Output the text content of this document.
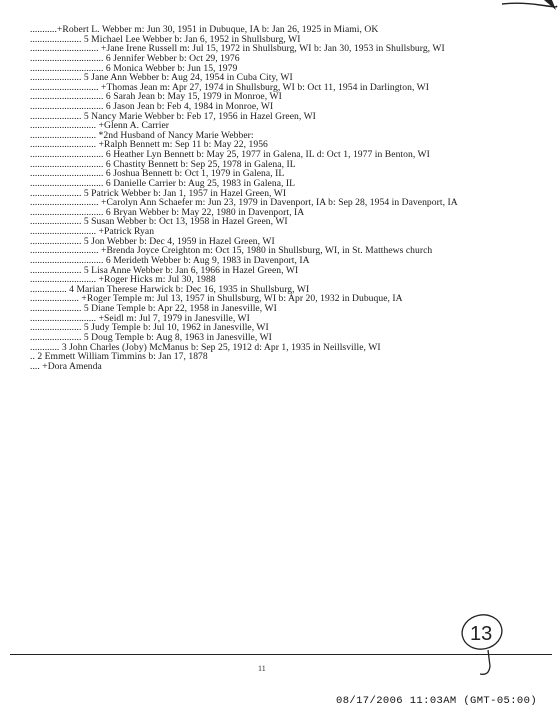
...........+Robert L. Webber m: Jun 30, 1951 in Dubuque, IA b: Jan 26, 1925 in Miami, OK
..................... 5 Michael Lee Webber b: Jan 6, 1952 in Shullsburg, WI
............................ +Jane Irene Russell m: Jul 15, 1972 in Shullsburg, WI b: Jan 30, 1953 in Shullsburg, WI
.............................. 6 Jennifer Webber b: Oct 29, 1976
.............................. 6 Monica Webber b: Jun 15, 1979
..................... 5 Jane Ann Webber b: Aug 24, 1954 in Cuba City, WI
............................ +Thomas Jean m: Apr 27, 1974 in Shullsburg, WI b: Oct 11, 1954 in Darlington, WI
.............................. 6 Sarah Jean b: May 15, 1979 in Monroe, WI
.............................. 6 Jason Jean b: Feb 4, 1984 in Monroe, WI
..................... 5 Nancy Marie Webber b: Feb 17, 1956 in Hazel Green, WI
........................... +Glenn A. Carrier
........................... *2nd Husband of Nancy Marie Webber:
........................... +Ralph Bennett m: Sep 11 b: May 22, 1956
.............................. 6 Heather Lyn Bennett b: May 25, 1977 in Galena, IL d: Oct 1, 1977 in Benton, WI
.............................. 6 Chastity Bennett b: Sep 25, 1978 in Galena, IL
.............................. 6 Joshua Bennett b: Oct 1, 1979 in Galena, IL
.............................. 6 Danielle Carrier b: Aug 25, 1983 in Galena, IL
..................... 5 Patrick Webber b: Jan 1, 1957 in Hazel Green, WI
............................ +Carolyn Ann Schaefer m: Jun 23, 1979 in Davenport, IA b: Sep 28, 1954 in Davenport, IA
.............................. 6 Bryan Webber b: May 22, 1980 in Davenport, IA
..................... 5 Susan Webber b: Oct 13, 1958 in Hazel Green, WI
........................... +Patrick Ryan
..................... 5 Jon Webber b: Dec 4, 1959 in Hazel Green, WI
............................ +Brenda Joyce Creighton m: Oct 15, 1980 in Shullsburg, WI, in St. Matthews church
.............................. 6 Merideth Webber b: Aug 9, 1983 in Davenport, IA
..................... 5 Lisa Anne Webber b: Jan 6, 1966 in Hazel Green, WI
........................... +Roger Hicks m: Jul 30, 1988
............... 4 Marian Therese Harwick b: Dec 16, 1935 in Shullsburg, WI
.................... +Roger Temple m: Jul 13, 1957 in Shullsburg, WI b: Apr 20, 1932 in Dubuque, IA
..................... 5 Diane Temple b: Apr 22, 1958 in Janesville, WI
........................... +Seidl m: Jul 7, 1979 in Janesville, WI
..................... 5 Judy Temple b: Jul 10, 1962 in Janesville, WI
..................... 5 Doug Temple b: Aug 8, 1963 in Janesville, WI
............ 3 John Charles (Joby) McManus b: Sep 25, 1912 d: Apr 1, 1935 in Neillsville, WI
.. 2 Emmett William Timmins b: Jan 17, 1878
.... +Dora Amenda
13
11
08/17/2006 11:03AM (GMT-05:00)
